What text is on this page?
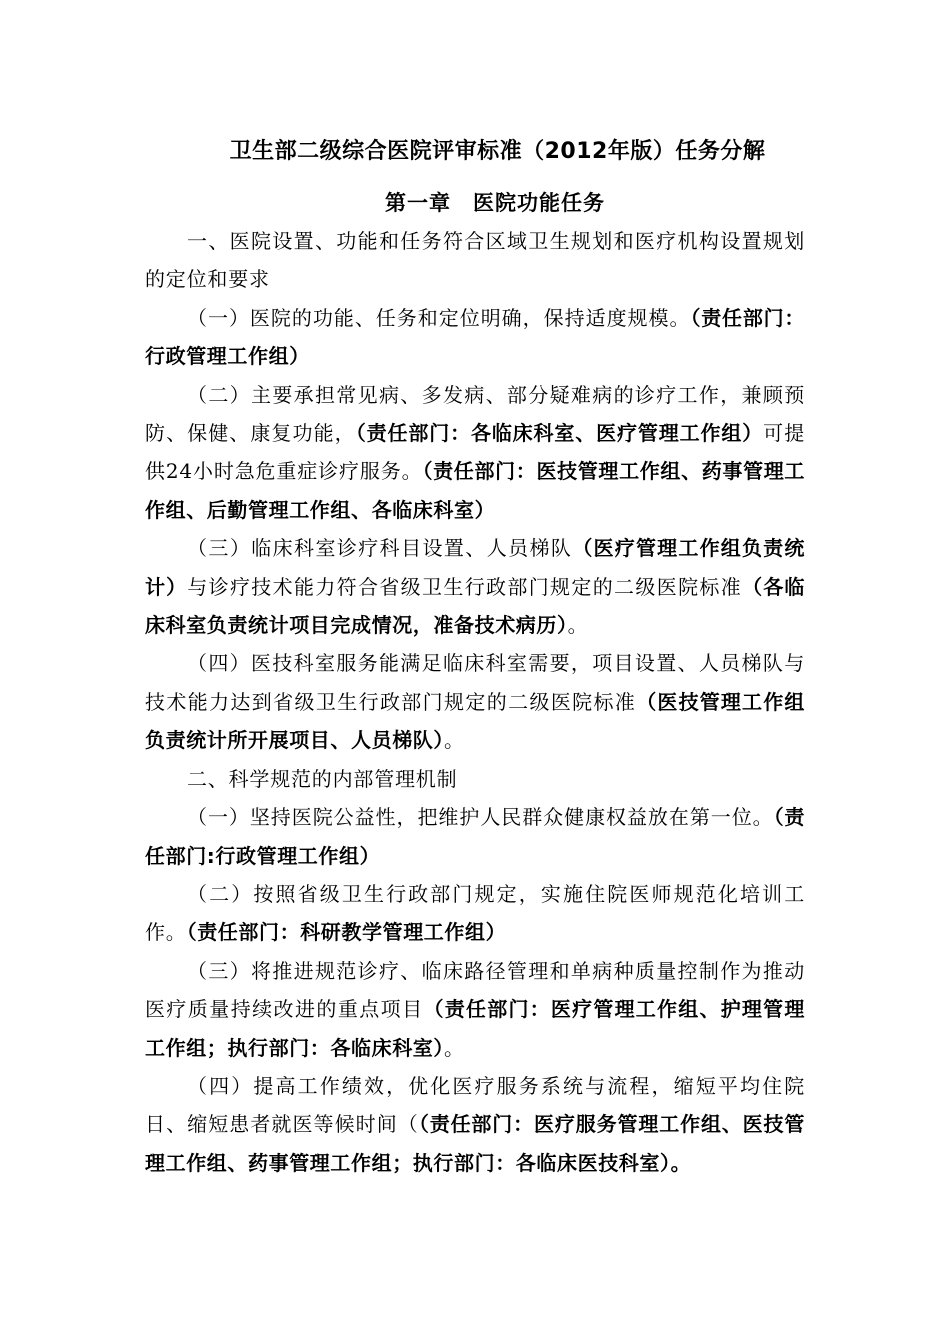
卫生部二级综合医院评审标准（2012年版）任务分解
第一章　医院功能任务

一、医院设置、功能和任务符合区域卫生规划和医疗机构设置规划的定位和要求

（一）医院的功能、任务和定位明确，保持适度规模。（责任部门：行政管理工作组）

（二）主要承担常见病、多发病、部分疑难病的诊疗工作，兼顾预防、保健、康复功能，（责任部门：各临床科室、医疗管理工作组）可提供24小时急危重症诊疗服务。（责任部门：医技管理工作组、药事管理工作组、后勤管理工作组、各临床科室）

（三）临床科室诊疗科目设置、人员梯队（医疗管理工作组负责统计）与诊疗技术能力符合省级卫生行政部门规定的二级医院标准（各临床科室负责统计项目完成情况，准备技术病历）。

（四）医技科室服务能满足临床科室需要，项目设置、人员梯队与技术能力达到省级卫生行政部门规定的二级医院标准（医技管理工作组负责统计所开展项目、人员梯队）。

二、科学规范的内部管理机制

（一）坚持医院公益性，把维护人民群众健康权益放在第一位。（责任部门:行政管理工作组）

（二）按照省级卫生行政部门规定，实施住院医师规范化培训工作。（责任部门：科研教学管理工作组）

（三）将推进规范诊疗、临床路径管理和单病种质量控制作为推动医疗质量持续改进的重点项目（责任部门：医疗管理工作组、护理管理工作组；执行部门：各临床科室）。

（四）提高工作绩效，优化医疗服务系统与流程，缩短平均住院日、缩短患者就医等候时间（（责任部门：医疗服务管理工作组、医技管理工作组、药事管理工作组；执行部门：各临床医技科室）。
